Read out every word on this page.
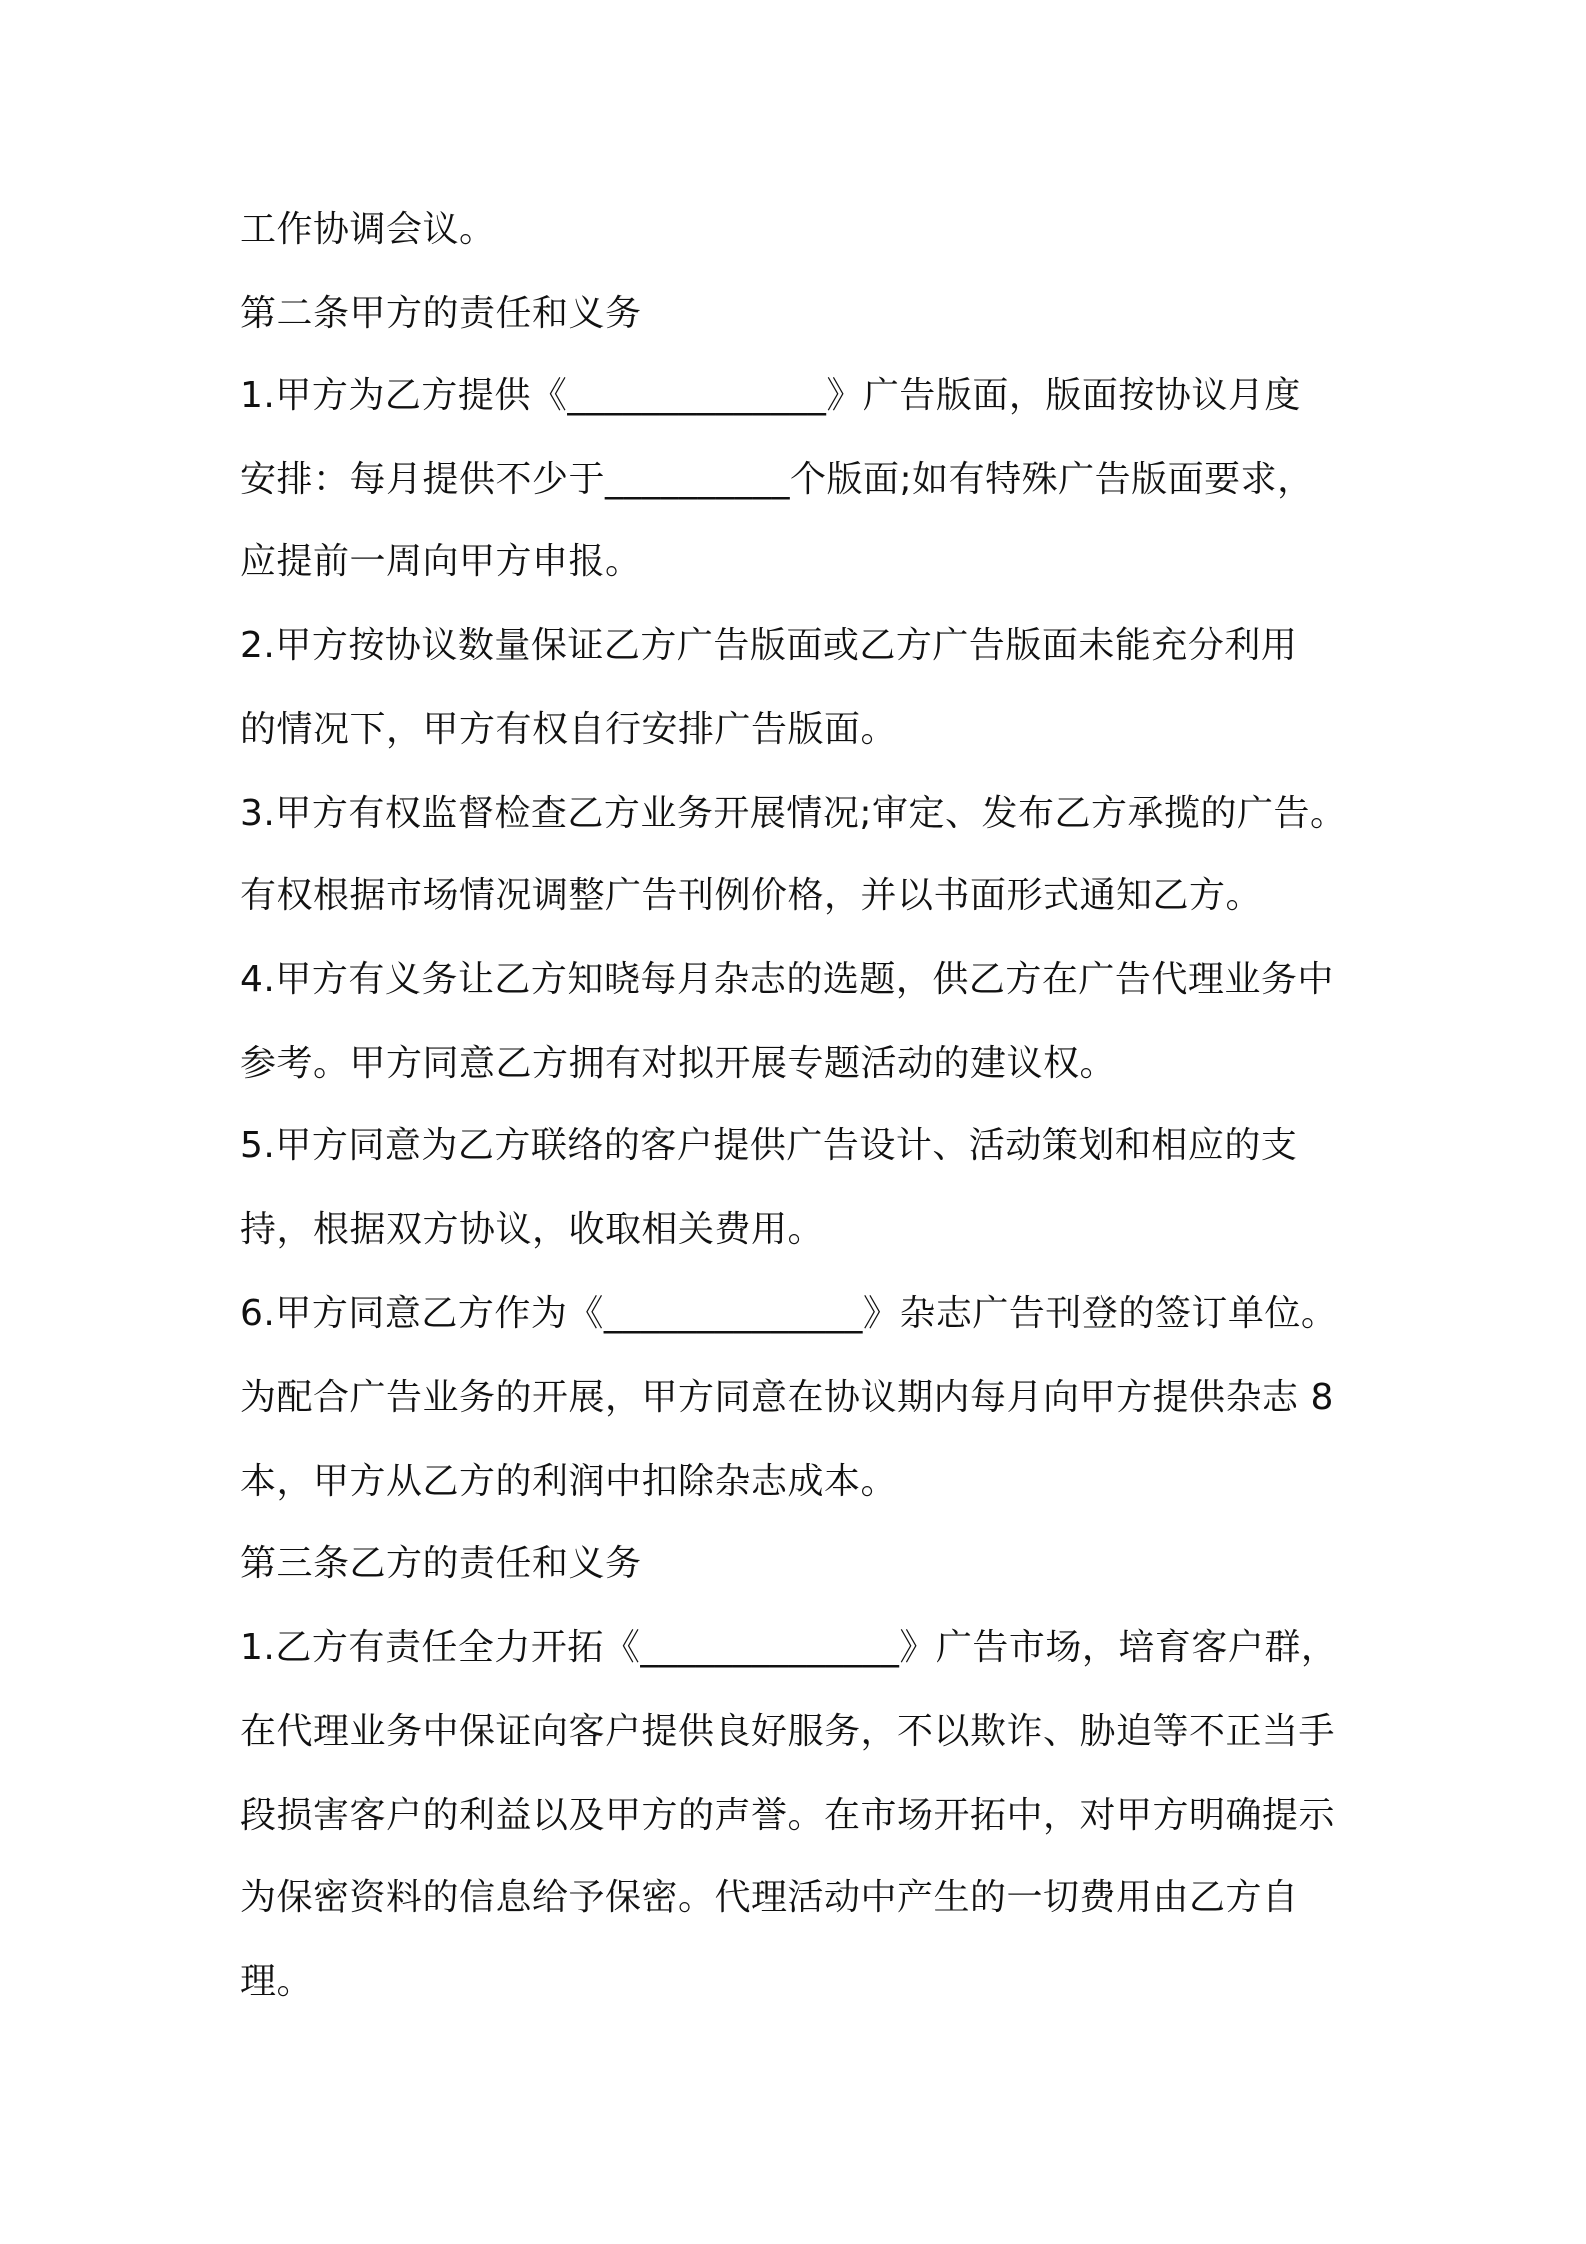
工作协调会议。
第二条甲方的责任和义务
1.甲方为乙方提供《______________》广告版面，版面按协议月度
安排：每月提供不少于__________个版面;如有特殊广告版面要求，
应提前一周向甲方申报。
2.甲方按协议数量保证乙方广告版面或乙方广告版面未能充分利用
的情况下，甲方有权自行安排广告版面。
3.甲方有权监督检查乙方业务开展情况;审定、发布乙方承揽的广告。
有权根据市场情况调整广告刊例价格，并以书面形式通知乙方。
4.甲方有义务让乙方知晓每月杂志的选题，供乙方在广告代理业务中
参考。甲方同意乙方拥有对拟开展专题活动的建议权。
5.甲方同意为乙方联络的客户提供广告设计、活动策划和相应的支
持，根据双方协议，收取相关费用。
6.甲方同意乙方作为《______________》杂志广告刊登的签订单位。
为配合广告业务的开展，甲方同意在协议期内每月向甲方提供杂志 8
本，甲方从乙方的利润中扣除杂志成本。
第三条乙方的责任和义务
1.乙方有责任全力开拓《______________》广告市场，培育客户群，
在代理业务中保证向客户提供良好服务，不以欺诈、胁迫等不正当手
段损害客户的利益以及甲方的声誉。在市场开拓中，对甲方明确提示
为保密资料的信息给予保密。代理活动中产生的一切费用由乙方自
理。
